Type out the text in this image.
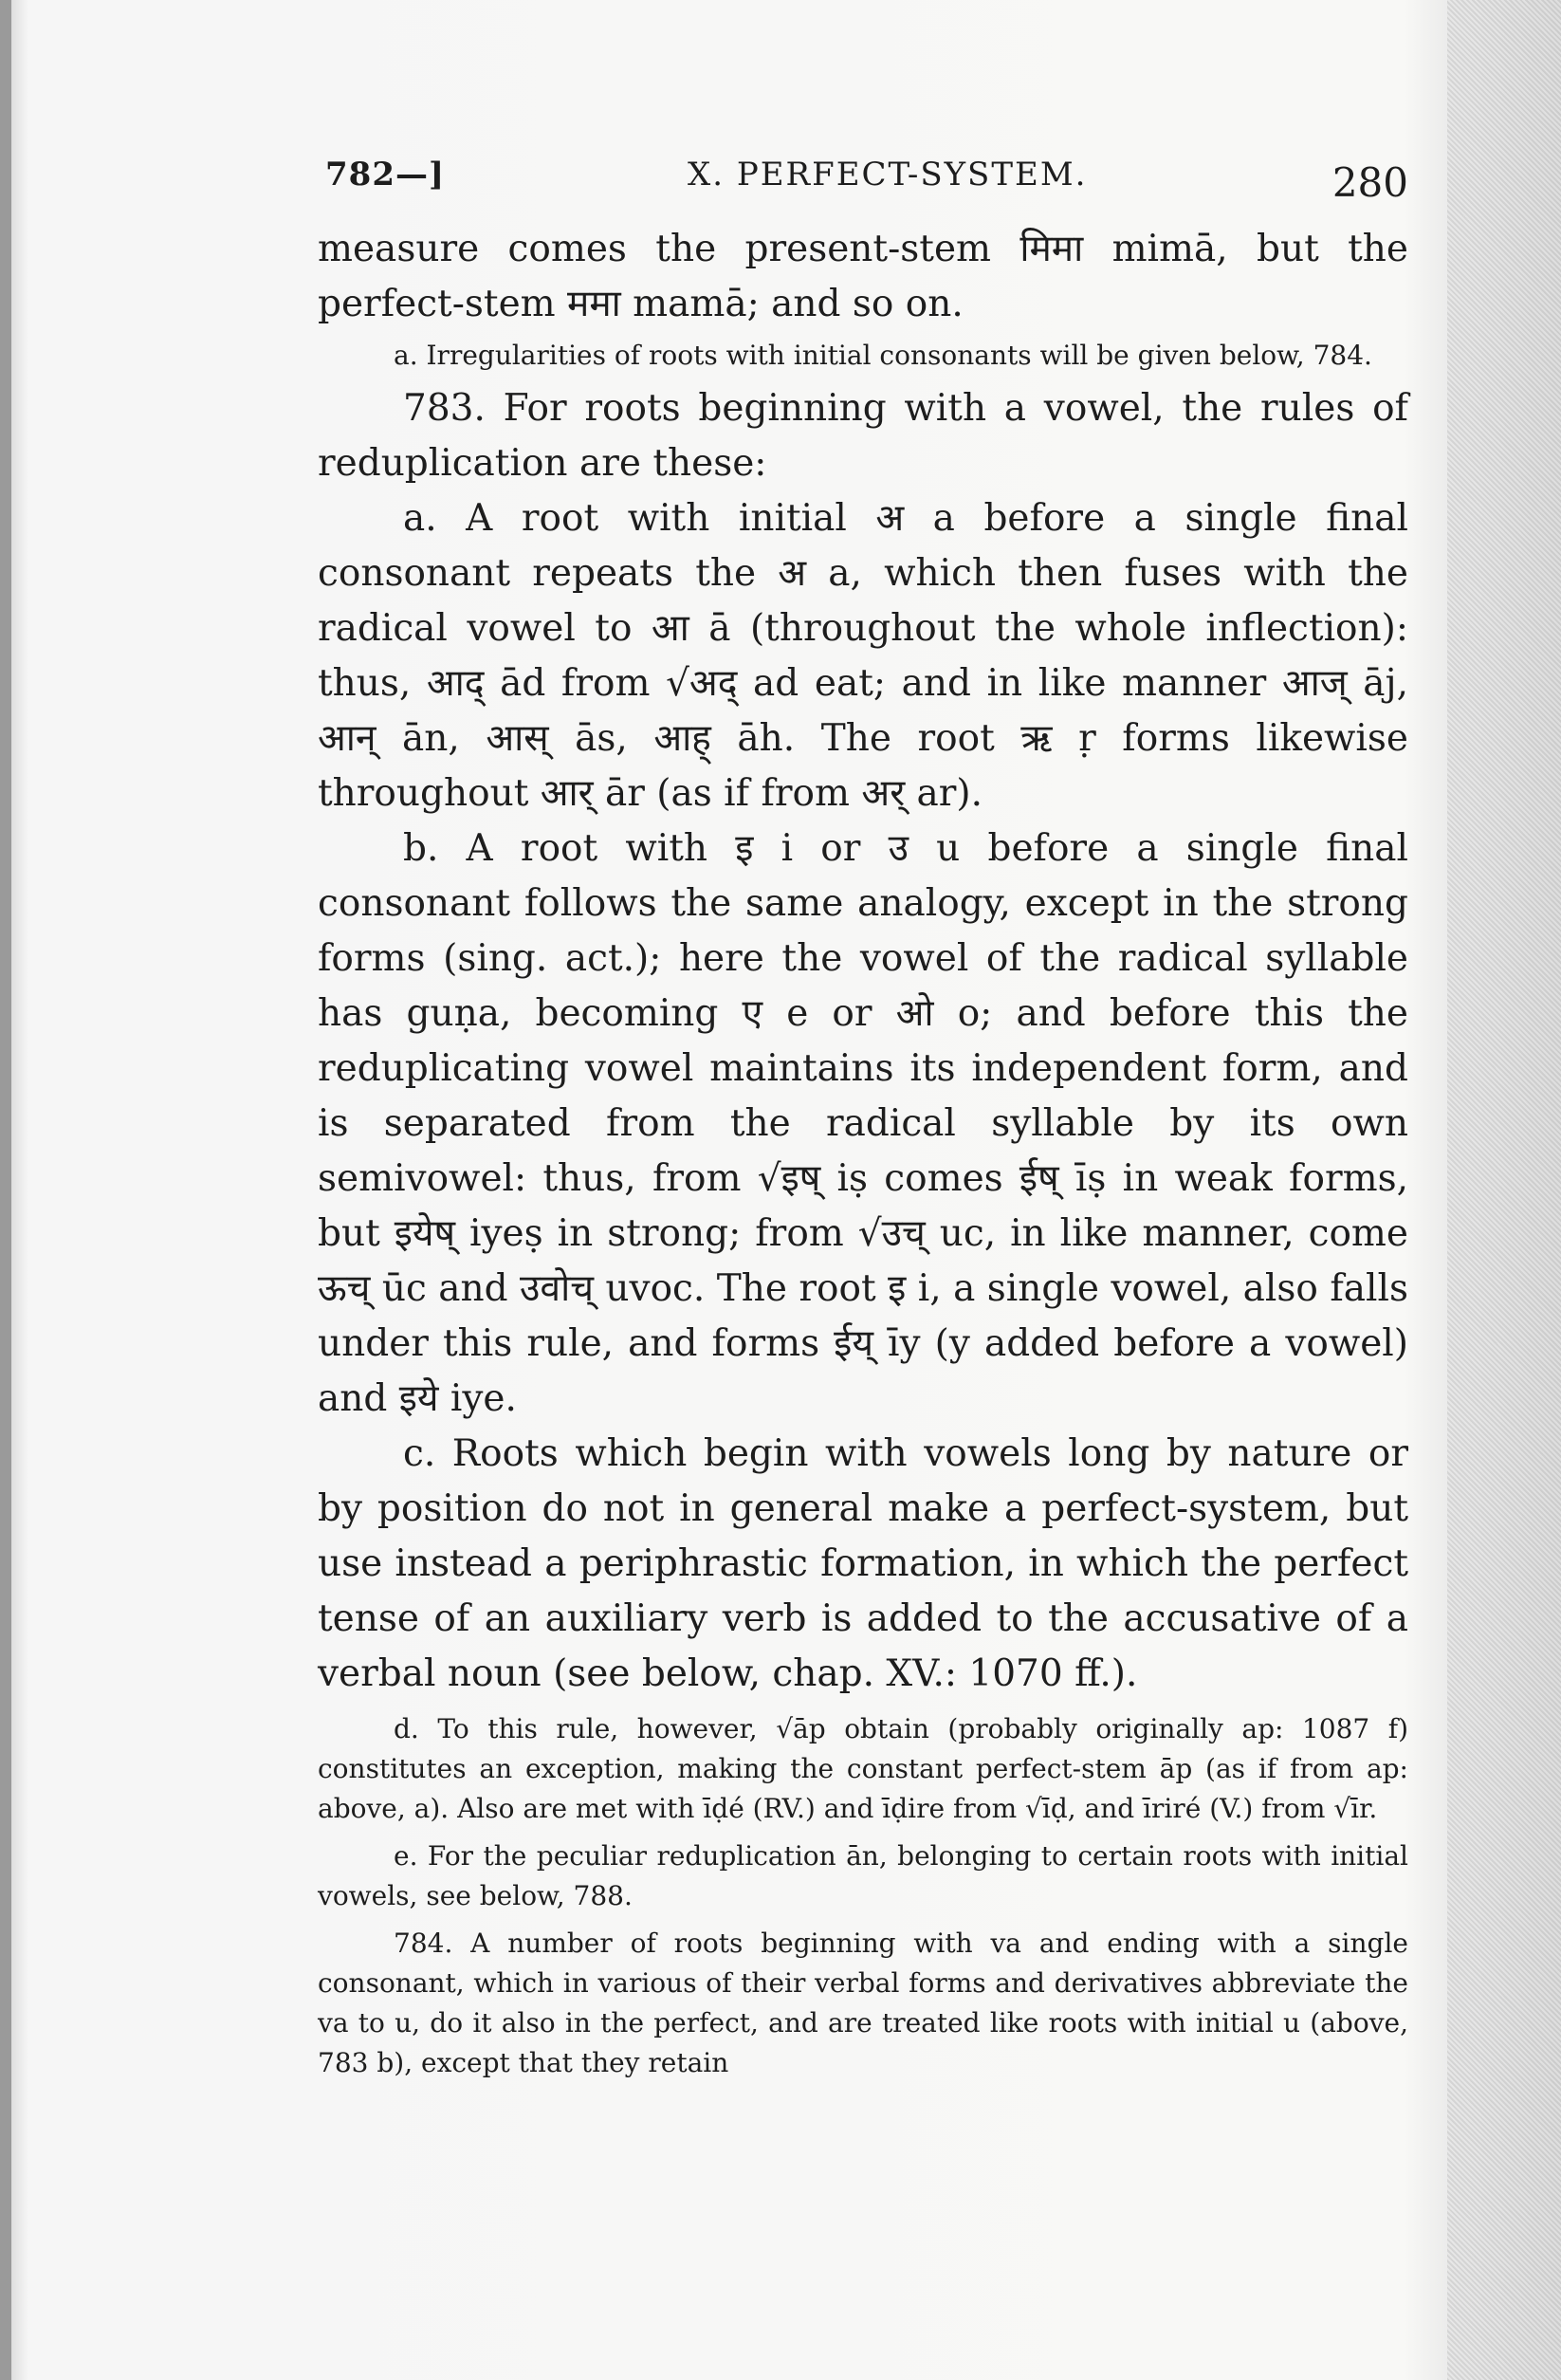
782—]	X. PERFECT-SYSTEM.	280

measure comes the present-stem मिमा mimā, but the perfect-stem ममा mamā; and so on.

a. Irregularities of roots with initial consonants will be given below, 784.

783. For roots beginning with a vowel, the rules of reduplication are these:

a. A root with initial अ a before a single final consonant repeats the अ a, which then fuses with the radical vowel to आ ā (throughout the whole inflection): thus, आद् ād from √अद् ad eat; and in like manner आज् āj, आन् ān, आस् ās, आह् āh. The root ऋ ṛ forms likewise throughout आर् ār (as if from अर् ar).

b. A root with इ i or उ u before a single final consonant follows the same analogy, except in the strong forms (sing. act.); here the vowel of the radical syllable has guṇa, becoming ए e or ओ o; and before this the reduplicating vowel maintains its independent form, and is separated from the radical syllable by its own semivowel: thus, from √इष् iṣ comes ईष् īṣ in weak forms, but इयेष् iyeṣ in strong; from √उच् uc, in like manner, come ऊच् ūc and उवोच् uvoc. The root इ i, a single vowel, also falls under this rule, and forms ईय् īy (y added before a vowel) and इये iye.

c. Roots which begin with vowels long by nature or by position do not in general make a perfect-system, but use instead a periphrastic formation, in which the perfect tense of an auxiliary verb is added to the accusative of a verbal noun (see below, chap. XV.: 1070 ff.).

d. To this rule, however, √āp obtain (probably originally ap: 1087 f) constitutes an exception, making the constant perfect-stem āp (as if from ap: above, a). Also are met with īḍé (RV.) and īḍire from √īḍ, and īriré (V.) from √īr.

e. For the peculiar reduplication ān, belonging to certain roots with initial vowels, see below, 788.

784. A number of roots beginning with va and ending with a single consonant, which in various of their verbal forms and derivatives abbreviate the va to u, do it also in the perfect, and are treated like roots with initial u (above, 783 b), except that they retain
